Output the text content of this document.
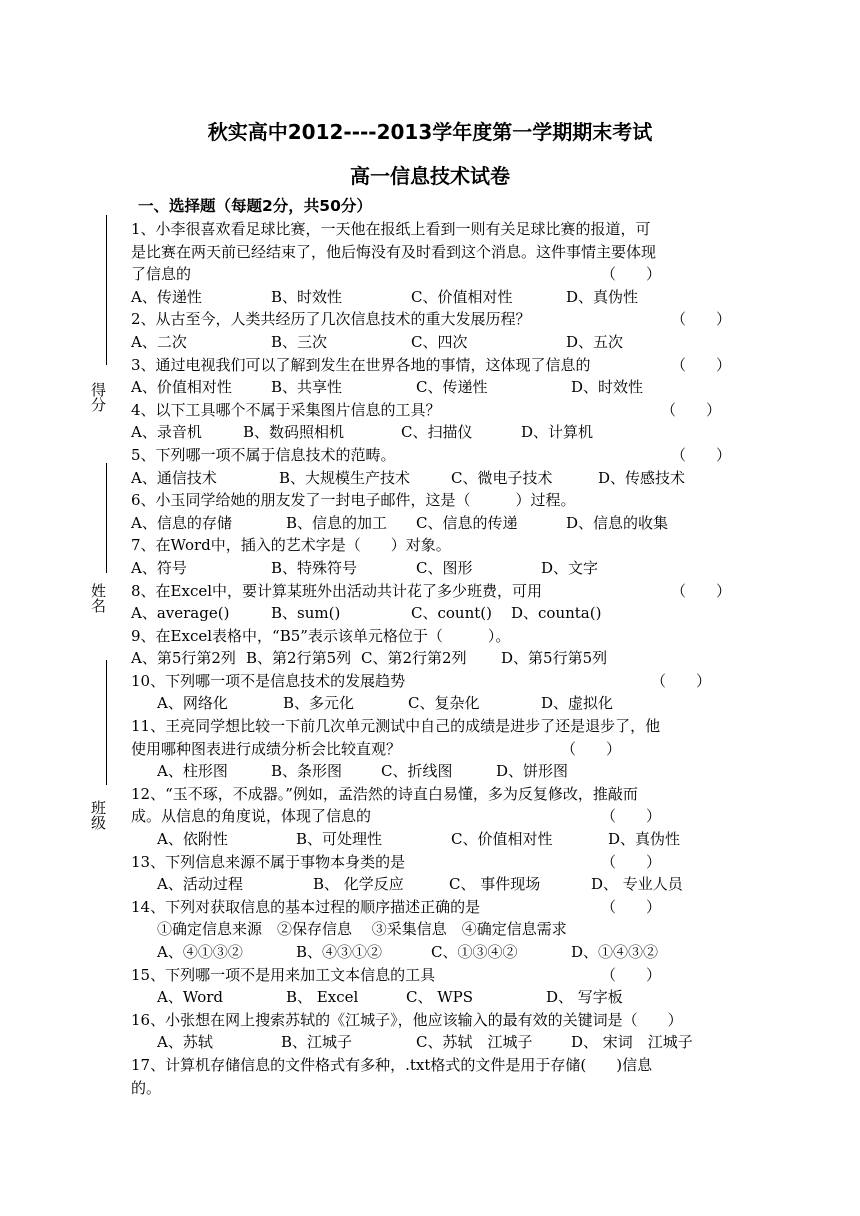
秋实高中2012----2013学年度第一学期期末考试
高一信息技术试卷
一、选择题（每题2分，共50分）
得分
姓名
班级
1、小李很喜欢看足球比赛，一天他在报纸上看到一则有关足球比赛的报道，可
是比赛在两天前已经结束了，他后悔没有及时看到这个消息。这件事情主要体现
了信息的	（　　）
A、传递性	B、时效性	C、价值相对性	D、真伪性
2、从古至今，人类共经历了几次信息技术的重大发展历程？	（　　）
A、二次	B、三次	C、四次	D、五次
3、通过电视我们可以了解到发生在世界各地的事情，这体现了信息的	（　　）
A、价值相对性	B、共享性	C、传递性	D、时效性
4、以下工具哪个不属于采集图片信息的工具？	（　　）
A、录音机	B、数码照相机	C、扫描仪	D、计算机
5、下列哪一项不属于信息技术的范畴。	（　　）
A、通信技术	B、大规模生产技术	C、微电子技术	D、传感技术
6、小玉同学给她的朋友发了一封电子邮件，这是（　　　）过程。
A、信息的存储	B、信息的加工 C、信息的传递	D、信息的收集
7、在Word中，插入的艺术字是（　　）对象。
A、符号	B、特殊符号	C、图形	D、文字
8、在Excel中，要计算某班外出活动共计花了多少班费，可用	（　　）
A、average()	B、sum()	C、count() D、counta()
9、在Excel表格中，“B5”表示该单元格位于（　　　）。
A、第5行第2列 B、第2行第5列 C、第2行第2列 D、第5行第5列
10、下列哪一项不是信息技术的发展趋势	（　　）
A、网络化	B、多元化	C、复杂化	D、虚拟化
11、王亮同学想比较一下前几次单元测试中自己的成绩是进步了还是退步了，他
使用哪种图表进行成绩分析会比较直观？	（　　）
A、柱形图	B、条形图	C、折线图	D、饼形图
12、“玉不琢，不成器。”例如，孟浩然的诗直白易懂，多为反复修改，推敲而
成。从信息的角度说，体现了信息的	（　　）
A、依附性	B、可处理性	C、价值相对性	D、真伪性
13、下列信息来源不属于事物本身类的是	（　　）
A、活动过程	B、 化学反应	C、 事件现场	D、 专业人员
14、下列对获取信息的基本过程的顺序描述正确的是	（　　）
①确定信息来源　②保存信息　 ③采集信息　④确定信息需求
A、④①③②	B、④③①②	C、①③④②	D、①④③②
15、下列哪一项不是用来加工文本信息的工具	（　　）
A、Word	B、 Excel	C、 WPS	D、 写字板
16、小张想在网上搜索苏轼的《江城子》，他应该输入的最有效的关键词是（　　）
A、苏轼	B、江城子	C、苏轼　江城子	D、 宋词　江城子
17、计算机存储信息的文件格式有多种，.txt格式的文件是用于存储(　　)信息
的。
